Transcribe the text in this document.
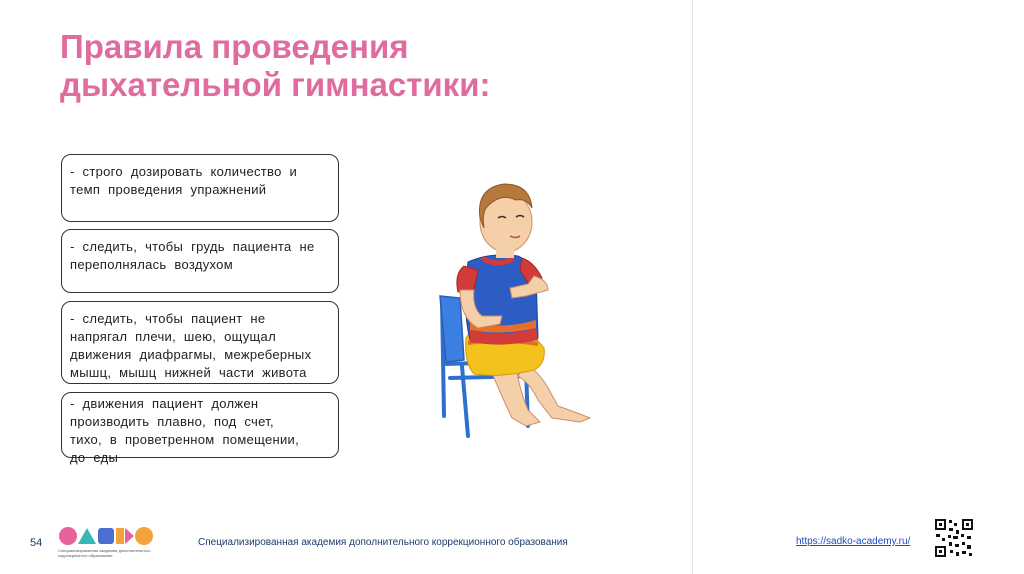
Правила проведения
дыхательной гимнастики:

- строго дозировать количество и

темп проведения упражнений

- следить, чтобы грудь пациента не

переполнялась воздухом

- следить, чтобы пациент не

напрягал плечи, шею, ощущал

движения диафрагмы, межреберных

мышц, мышц нижней части живота

- движения пациент должен

производить плавно, под счет,

тихо, в проветренном помещении,

до еды

54
Специализированная академия дополнительного коррекционного образования
Специализированная академия дополнительного коррекционного образования	https://sadko-academy.ru/
